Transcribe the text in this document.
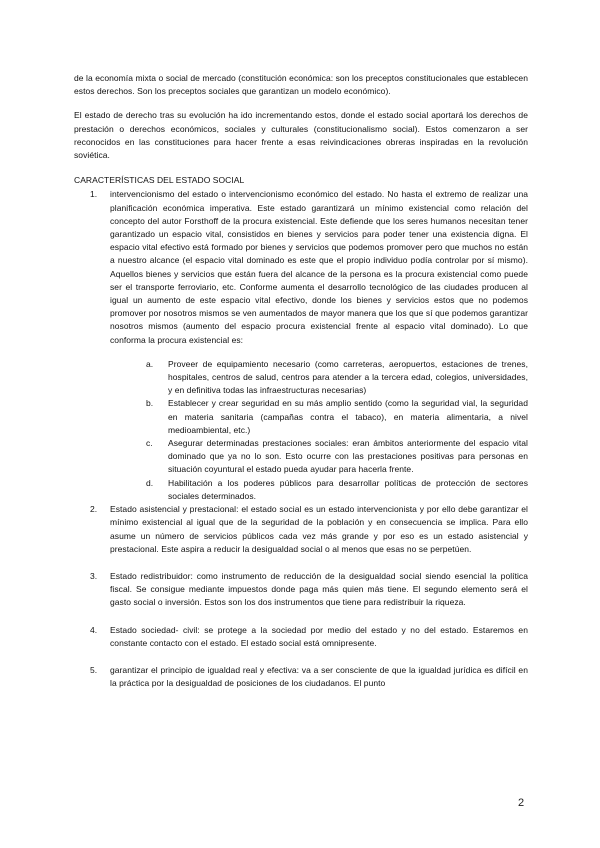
de la economía mixta o social de mercado (constitución económica: son los preceptos constitucionales que establecen estos derechos. Son los preceptos sociales que garantizan un modelo económico).

El estado de derecho tras su evolución ha ido incrementando estos, donde el estado social aportará los derechos de prestación o derechos económicos, sociales y culturales (constitucionalismo social). Estos comenzaron a ser reconocidos en las constituciones para hacer frente a esas reivindicaciones obreras inspiradas en la revolución soviética.

CARACTERÍSTICAS DEL ESTADO SOCIAL

1.	intervencionismo del estado o intervencionismo económico del estado. No hasta el extremo de realizar una planificación económica imperativa. Este estado garantizará un mínimo existencial como relación del concepto del autor Forsthoff de la procura existencial. Este defiende que los seres humanos necesitan tener garantizado un espacio vital, consistidos en bienes y servicios para poder tener una existencia digna. El espacio vital efectivo está formado por bienes y servicios que podemos promover pero que muchos no están a nuestro alcance (el espacio vital dominado es este que el propio individuo podía controlar por sí mismo). Aquellos bienes y servicios que están fuera del alcance de la persona es la procura existencial como puede ser el transporte ferroviario, etc. Conforme aumenta el desarrollo tecnológico de las ciudades producen al igual un aumento de este espacio vital efectivo, donde los bienes y servicios estos que no podemos promover por nosotros mismos se ven aumentados de mayor manera que los que sí que podemos garantizar nosotros mismos (aumento del espacio procura existencial frente al espacio vital dominado). Lo que conforma la procura existencial es:
a. Proveer de equipamiento necesario (como carreteras, aeropuertos, estaciones de trenes, hospitales, centros de salud, centros para atender a la tercera edad, colegios, universidades, y en definitiva todas las infraestructuras necesarias)
b. Establecer y crear seguridad en su más amplio sentido (como la seguridad vial, la seguridad en materia sanitaria (campañas contra el tabaco), en materia alimentaria, a nivel medioambiental, etc.)
c. Asegurar determinadas prestaciones sociales: eran ámbitos anteriormente del espacio vital dominado que ya no lo son. Esto ocurre con las prestaciones positivas para personas en situación coyuntural el estado pueda ayudar para hacerla frente.
d. Habilitación a los poderes públicos para desarrollar políticas de protección de sectores sociales determinados.
2.	Estado asistencial y prestacional: el estado social es un estado intervencionista y por ello debe garantizar el mínimo existencial al igual que de la seguridad de la población y en consecuencia se implica. Para ello asume un número de servicios públicos cada vez más grande y por eso es un estado asistencial y prestacional. Este aspira a reducir la desigualdad social o al menos que esas no se perpetúen.
3.	Estado redistribuidor: como instrumento de reducción de la desigualdad social siendo esencial la política fiscal. Se consigue mediante impuestos donde paga más quien más tiene. El segundo elemento será el gasto social o inversión. Estos son los dos instrumentos que tiene para redistribuir la riqueza.
4.	Estado sociedad- civil: se protege a la sociedad por medio del estado y no del estado. Estaremos en constante contacto con el estado. El estado social está omnipresente.
5.	garantizar el principio de igualdad real y efectiva: va a ser consciente de que la igualdad jurídica es difícil en la práctica por la desigualdad de posiciones de los ciudadanos. El punto
2
